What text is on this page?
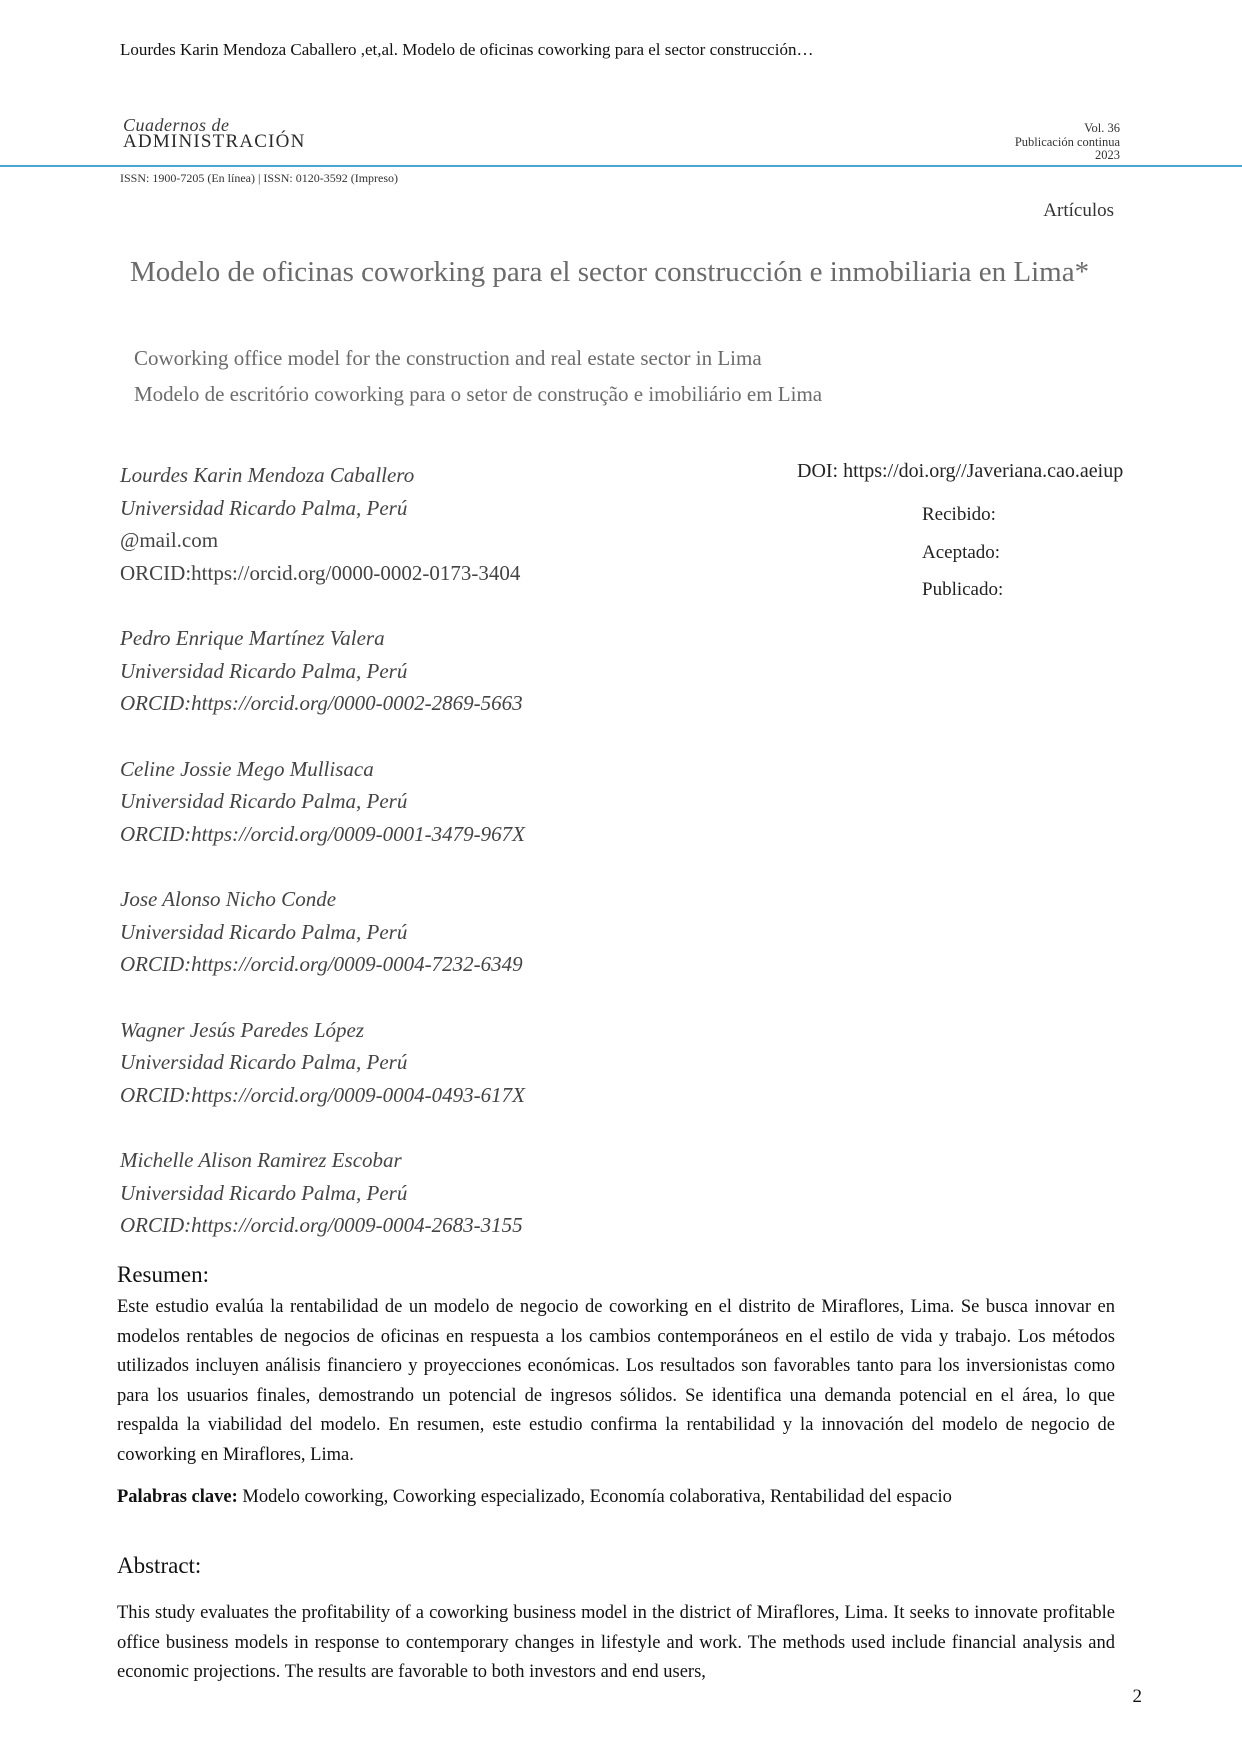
Lourdes Karin Mendoza Caballero ,et,al. Modelo de oficinas coworking para el sector construcción…
Cuadernos de
ADMINISTRACIÓN
Vol. 36
Publicación continua
2023
ISSN: 1900-7205 (En línea) | ISSN: 0120-3592 (Impreso)
Artículos
Modelo de oficinas coworking para el sector construcción e inmobiliaria en Lima*
Coworking office model for the construction and real estate sector in Lima
Modelo de escritório coworking para o setor de construção e imobiliário em Lima
Lourdes Karin Mendoza Caballero
Universidad Ricardo Palma, Perú
@mail.com
ORCID:https://orcid.org/0000-0002-0173-3404
Pedro Enrique Martínez Valera
Universidad Ricardo Palma, Perú
ORCID:https://orcid.org/0000-0002-2869-5663
Celine Jossie Mego Mullisaca
Universidad Ricardo Palma, Perú
ORCID:https://orcid.org/0009-0001-3479-967X
Jose Alonso Nicho Conde
Universidad Ricardo Palma, Perú
ORCID:https://orcid.org/0009-0004-7232-6349
Wagner Jesús Paredes López
Universidad Ricardo Palma, Perú
ORCID:https://orcid.org/0009-0004-0493-617X
Michelle Alison Ramirez Escobar
Universidad Ricardo Palma, Perú
ORCID:https://orcid.org/0009-0004-2683-3155
DOI: https://doi.org//Javeriana.cao.aeiup
Recibido:
Aceptado:
Publicado:
Resumen:
Este estudio evalúa la rentabilidad de un modelo de negocio de coworking en el distrito de Miraflores, Lima. Se busca innovar en modelos rentables de negocios de oficinas en respuesta a los cambios contemporáneos en el estilo de vida y trabajo. Los métodos utilizados incluyen análisis financiero y proyecciones económicas. Los resultados son favorables tanto para los inversionistas como para los usuarios finales, demostrando un potencial de ingresos sólidos. Se identifica una demanda potencial en el área, lo que respalda la viabilidad del modelo. En resumen, este estudio confirma la rentabilidad y la innovación del modelo de negocio de coworking en Miraflores, Lima.
Palabras clave: Modelo coworking, Coworking especializado, Economía colaborativa, Rentabilidad del espacio
Abstract:
This study evaluates the profitability of a coworking business model in the district of Miraflores, Lima. It seeks to innovate profitable office business models in response to contemporary changes in lifestyle and work. The methods used include financial analysis and economic projections. The results are favorable to both investors and end users,
2
